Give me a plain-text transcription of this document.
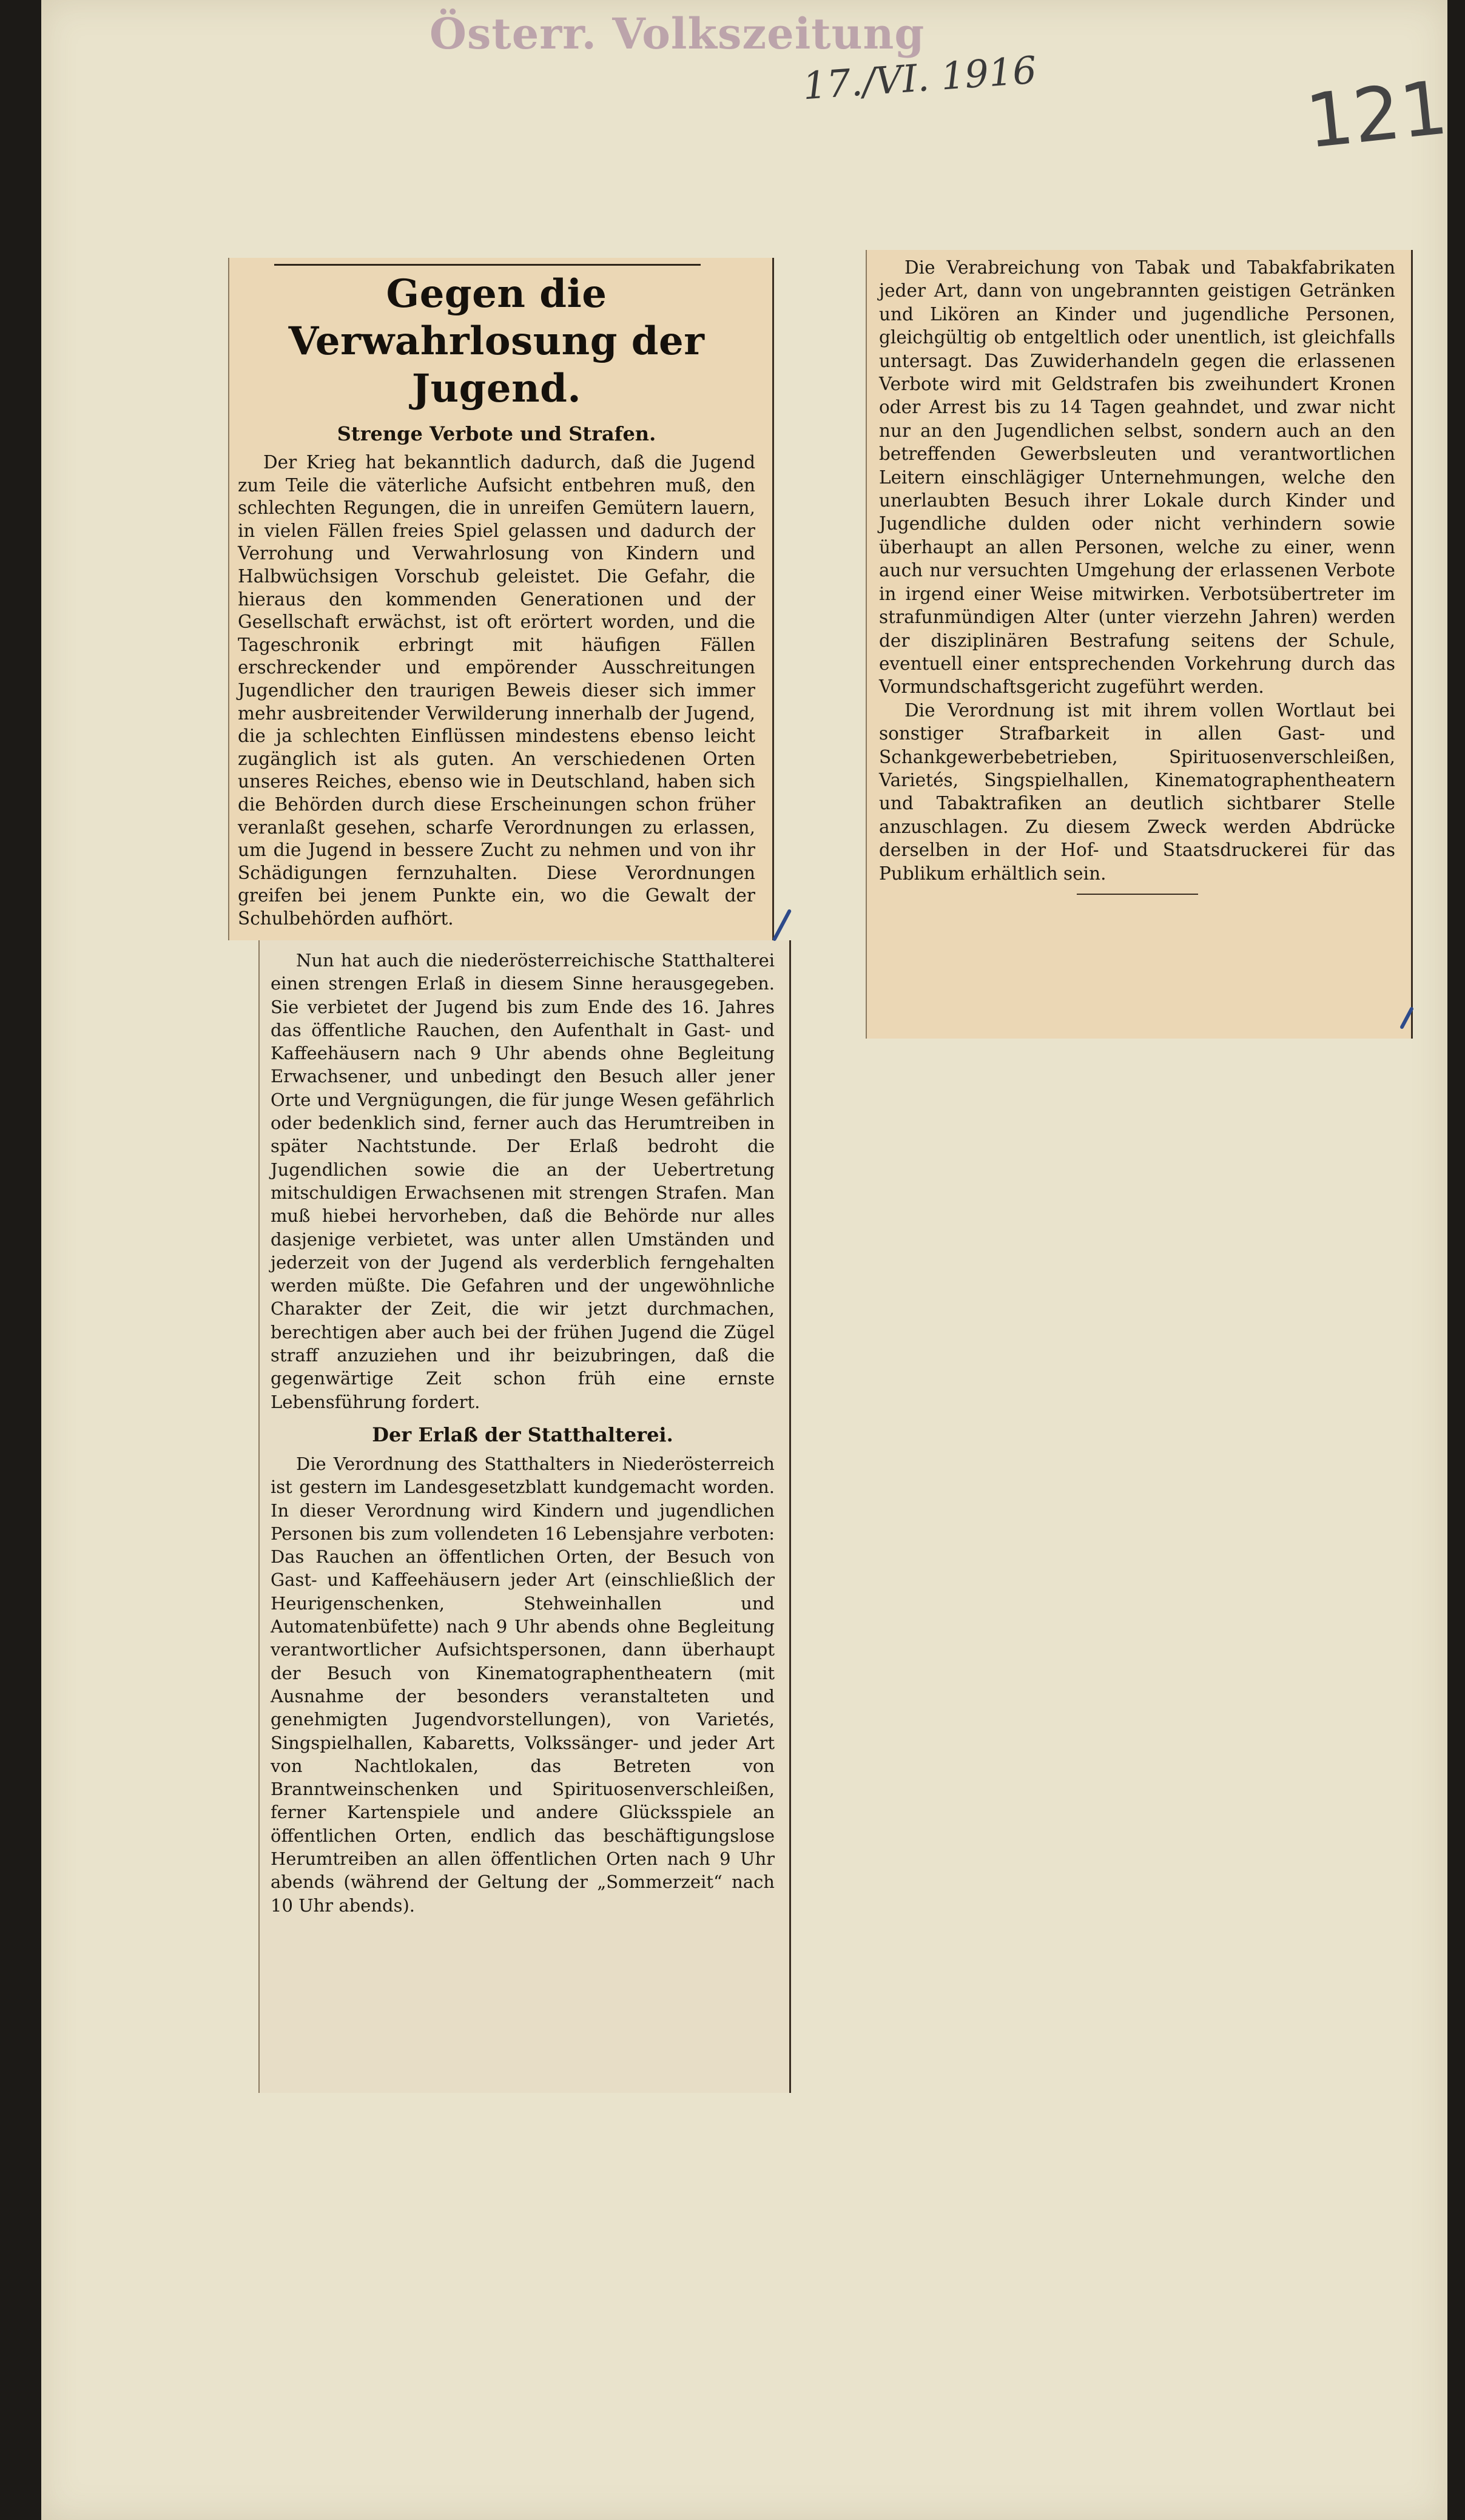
Österr. Volkszeitung
17./VI. 1916	121
Gegen die Verwahrlosung der Jugend.
Strenge Verbote und Strafen.

Der Krieg hat bekanntlich dadurch, daß die Jugend zum Teile die väterliche Aufsicht entbehren muß, den schlechten Regungen, die in unreifen Gemütern lauern, in vielen Fällen freies Spiel gelassen und dadurch der Verrohung und Verwahrlosung von Kindern und Halbwüchsigen Vorschub geleistet. Die Gefahr, die hieraus den kommenden Generationen und der Gesellschaft erwächst, ist oft erörtert worden, und die Tageschronik erbringt mit häufigen Fällen erschreckender und empörender Ausschreitungen Jugendlicher den traurigen Beweis dieser sich immer mehr ausbreitender Verwilderung innerhalb der Jugend, die ja schlechten Einflüssen mindestens ebenso leicht zugänglich ist als guten. An verschiedenen Orten unseres Reiches, ebenso wie in Deutschland, haben sich die Behörden durch diese Erscheinungen schon früher veranlaßt gesehen, scharfe Verordnungen zu erlassen, um die Jugend in bessere Zucht zu nehmen und von ihr Schädigungen fernzuhalten. Diese Verordnungen greifen bei jenem Punkte ein, wo die Gewalt der Schulbehörden aufhört.

Nun hat auch die niederösterreichische Statthalterei einen strengen Erlaß in diesem Sinne herausgegeben. Sie verbietet der Jugend bis zum Ende des 16. Jahres das öffentliche Rauchen, den Aufenthalt in Gast- und Kaffeehäusern nach 9 Uhr abends ohne Begleitung Erwachsener, und unbedingt den Besuch aller jener Orte und Vergnügungen, die für junge Wesen gefährlich oder bedenklich sind, ferner auch das Herumtreiben in später Nachtstunde. Der Erlaß bedroht die Jugendlichen sowie die an der Uebertretung mitschuldigen Erwachsenen mit strengen Strafen. Man muß hiebei hervorheben, daß die Behörde nur alles dasjenige verbietet, was unter allen Umständen und jederzeit von der Jugend als verderblich ferngehalten werden müßte. Die Gefahren und der ungewöhnliche Charakter der Zeit, die wir jetzt durchmachen, berechtigen aber auch bei der frühen Jugend die Zügel straff anzuziehen und ihr beizubringen, daß die gegenwärtige Zeit schon früh eine ernste Lebensführung fordert.

Der Erlaß der Statthalterei.

Die Verordnung des Statthalters in Niederösterreich ist gestern im Landesgesetzblatt kundgemacht worden. In dieser Verordnung wird Kindern und jugendlichen Personen bis zum vollendeten 16 Lebensjahre verboten: Das Rauchen an öffentlichen Orten, der Besuch von Gast- und Kaffeehäusern jeder Art (einschließlich der Heurigenschenken, Stehweinhallen und Automatenbüfette) nach 9 Uhr abends ohne Begleitung verantwortlicher Aufsichtspersonen, dann überhaupt der Besuch von Kinematographentheatern (mit Ausnahme der besonders veranstalteten und genehmigten Jugendvorstellungen), von Varietés, Singspielhallen, Kabaretts, Volkssänger- und jeder Art von Nachtlokalen, das Betreten von Branntweinschenken und Spirituosenverschleißen, ferner Kartenspiele und andere Glücksspiele an öffentlichen Orten, endlich das beschäftigungslose Herumtreiben an allen öffentlichen Orten nach 9 Uhr abends (während der Geltung der „Sommerzeit“ nach 10 Uhr abends).

Die Verabreichung von Tabak und Tabakfabrikaten jeder Art, dann von ungebrannten geistigen Getränken und Likören an Kinder und jugendliche Personen, gleichgültig ob entgeltlich oder unentlich, ist gleichfalls untersagt. Das Zuwiderhandeln gegen die erlassenen Verbote wird mit Geldstrafen bis zweihundert Kronen oder Arrest bis zu 14 Tagen geahndet, und zwar nicht nur an den Jugendlichen selbst, sondern auch an den betreffenden Gewerbsleuten und verantwortlichen Leitern einschlägiger Unternehmungen, welche den unerlaubten Besuch ihrer Lokale durch Kinder und Jugendliche dulden oder nicht verhindern sowie überhaupt an allen Personen, welche zu einer, wenn auch nur versuchten Umgehung der erlassenen Verbote in irgend einer Weise mitwirken. Verbotsübertreter im strafunmündigen Alter (unter vierzehn Jahren) werden der disziplinären Bestrafung seitens der Schule, eventuell einer entsprechenden Vorkehrung durch das Vormundschaftsgericht zugeführt werden.

Die Verordnung ist mit ihrem vollen Wortlaut bei sonstiger Strafbarkeit in allen Gast- und Schankgewerbebetrieben, Spirituosenverschleißen, Varietés, Singspielhallen, Kinematographentheatern und Tabaktrafiken an deutlich sichtbarer Stelle anzuschlagen. Zu diesem Zweck werden Abdrücke derselben in der Hof- und Staatsdruckerei für das Publikum erhältlich sein.
